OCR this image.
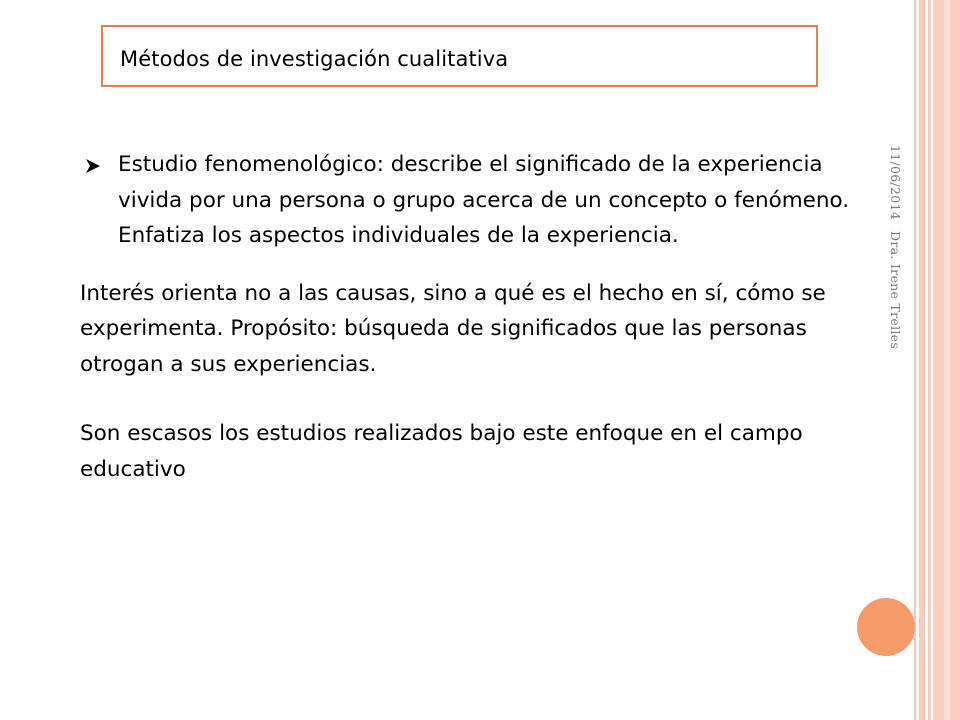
Métodos de investigación cualitativa
11/06/2014Dra. Irene Trelles
Estudio fenomenológico: describe el significado de la experiencia vivida por una persona o grupo acerca de un concepto o fenómeno. Enfatiza los aspectos individuales de la experiencia.

Interés orienta no a las causas, sino a qué es el hecho en sí, cómo se experimenta. Propósito: búsqueda de significados que las personas otrogan a sus experiencias.

Son escasos los estudios realizados bajo este enfoque en el campo educativo
